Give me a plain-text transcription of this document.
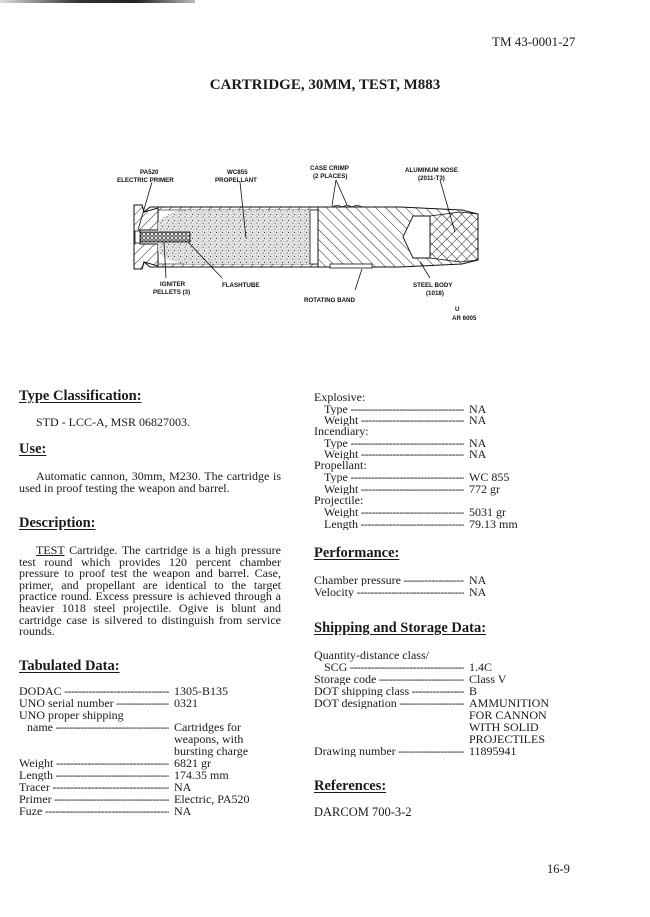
TM 43-0001-27
CARTRIDGE, 30MM, TEST, M883
PA520
ELECTRIC PRIMER
WC855
PROPELLANT
CASE CRIMP
(2 PLACES)
ALUMINUM NOSE
(2011-T3)
IGNITER
PELLETS (3)
FLASHTUBE
ROTATING BAND
STEEL BODY
(1018)
U
AR 6005
Type Classification:
STD - LCC-A, MSR 06827003.
Use:
Automatic cannon, 30mm, M230. The cartridge is used in proof testing the weapon and barrel.
Description:
TEST Cartridge. The cartridge is a high pressure test round which provides 120 percent chamber pressure to proof test the weapon and barrel. Case, primer, and propellant are identical to the target practice round. Excess pressure is achieved through a heavier 1018 steel projectile. Ogive is blunt and cartridge case is silvered to distinguish from service rounds.
Tabulated Data:
DODAC -----	1305-B135
UNO serial number -----	0321
UNO proper shipping
name -----	Cartridges for
weapons, with
bursting charge
Weight -----	6821 gr
Length -----	174.35 mm
Tracer -----	NA
Primer -----	Electric, PA520
Fuze -----	NA
Explosive:
Type -----	NA
Weight -----	NA
Incendiary:
Type -----	NA
Weight -----	NA
Propellant:
Type -----	WC 855
Weight -----	772 gr
Projectile:
Weight -----	5031 gr
Length -----	79.13 mm
Performance:
Chamber pressure -----	NA
Velocity -----	NA
Shipping and Storage Data:
Quantity-distance class/
SCG -----	1.4C
Storage code -----	Class V
DOT shipping class -----	B
DOT designation -----	AMMUNITION
FOR CANNON
WITH SOLID
PROJECTILES
Drawing number -----	11895941
References:
DARCOM 700-3-2
16-9
